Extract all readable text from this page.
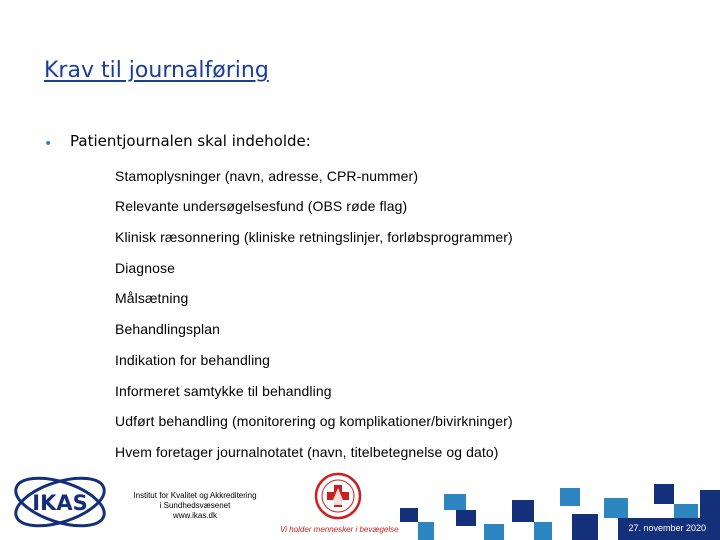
Krav til journalføring
• Patientjournalen skal indeholde:
Stamoplysninger (navn, adresse, CPR-nummer)
Relevante undersøgelsesfund (OBS røde flag)
Klinisk ræsonnering (kliniske retningslinjer, forløbsprogrammer)
Diagnose
Målsætning
Behandlingsplan
Indikation for behandling
Informeret samtykke til behandling
Udført behandling (monitorering og komplikationer/bivirkninger)
Hvem foretager journalnotatet (navn, titelbetegnelse og dato)
IKAS	Institut for Kvalitet og Akkreditering
i Sundhedsvæsenet
www.ikas.dk
Vi holder mennesker i bevægelse	27. november 2020
